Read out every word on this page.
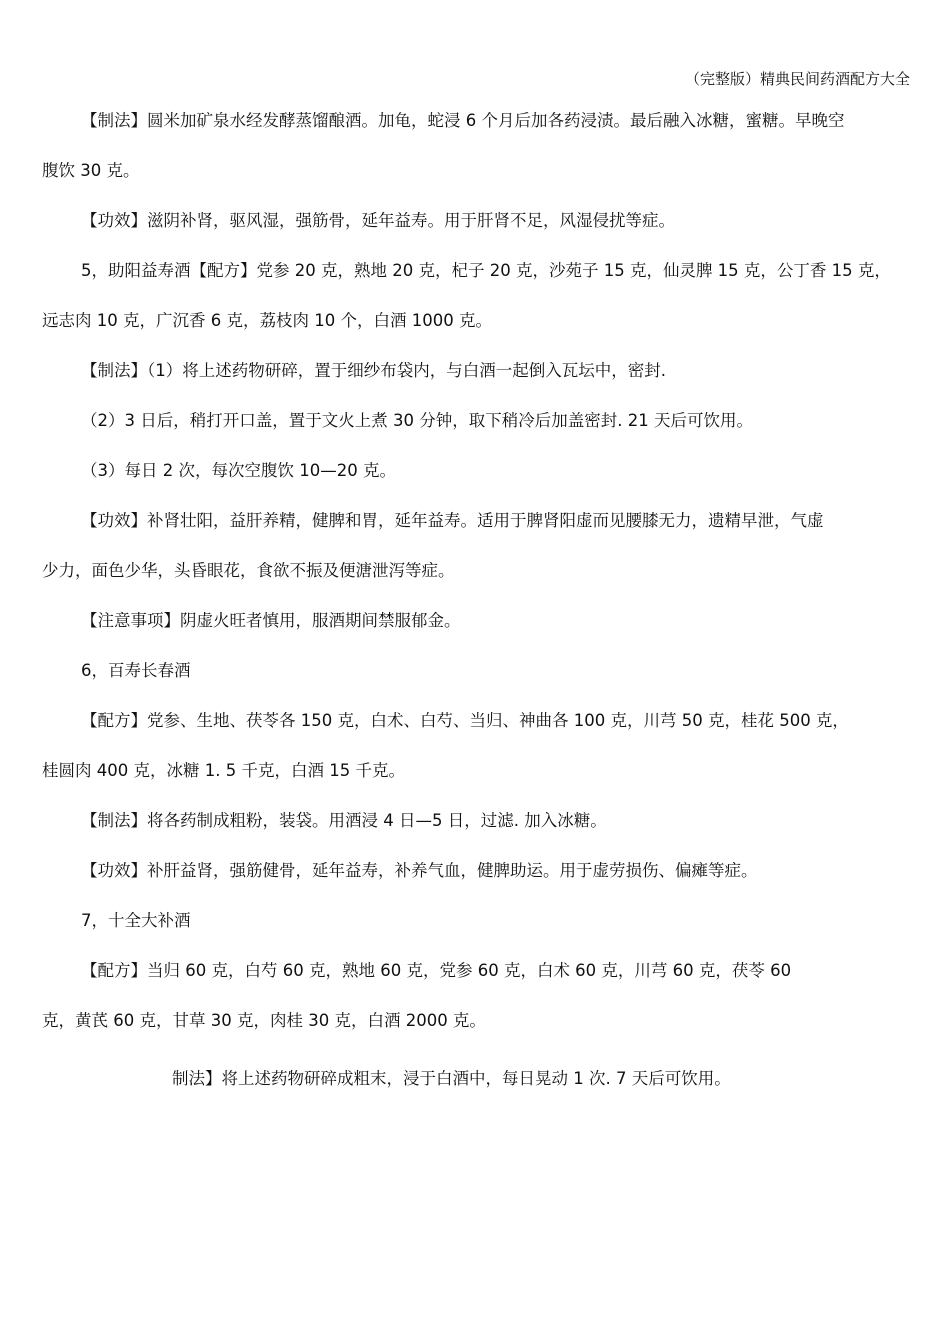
（完整版）精典民间药酒配方大全
【制法】圆米加矿泉水经发酵蒸馏酿酒。加龟，蛇浸 6 个月后加各药浸渍。最后融入冰糖，蜜糖。早晚空
腹饮 30 克。
【功效】滋阴补肾，驱风湿，强筋骨，延年益寿。用于肝肾不足，风湿侵扰等症。
5，助阳益寿酒【配方】党参 20 克，熟地 20 克，杞子 20 克，沙苑子 15 克，仙灵脾 15 克，公丁香 15 克，
远志肉 10 克，广沉香 6 克，荔枝肉 10 个，白酒 1000 克。
【制法】（1）将上述药物研碎，置于细纱布袋内，与白酒一起倒入瓦坛中，密封.
（2）3 日后，稍打开口盖，置于文火上煮 30 分钟，取下稍冷后加盖密封. 21 天后可饮用。
（3）每日 2 次，每次空腹饮 10—20 克。
【功效】补肾壮阳，益肝养精，健脾和胃，延年益寿。适用于脾肾阳虚而见腰膝无力，遗精早泄，气虚
少力，面色少华，头昏眼花，食欲不振及便溏泄泻等症。
【注意事项】阴虚火旺者慎用，服酒期间禁服郁金。
6，百寿长春酒
【配方】党参、生地、茯苓各 150 克，白术、白芍、当归、神曲各 100 克，川芎 50 克，桂花 500 克，
桂圆肉 400 克，冰糖 1. 5 千克，白酒 15 千克。
【制法】将各药制成粗粉，装袋。用酒浸 4 日—5 日，过滤. 加入冰糖。
【功效】补肝益肾，强筋健骨，延年益寿，补养气血，健脾助运。用于虚劳损伤、偏瘫等症。
7，十全大补酒
【配方】当归 60 克，白芍 60 克，熟地 60 克，党参 60 克，白术 60 克，川芎 60 克，茯苓 60
克，黄芪 60 克，甘草 30 克，肉桂 30 克，白酒 2000 克。
制法】将上述药物研碎成粗末，浸于白酒中，每日晃动 1 次. 7 天后可饮用。
